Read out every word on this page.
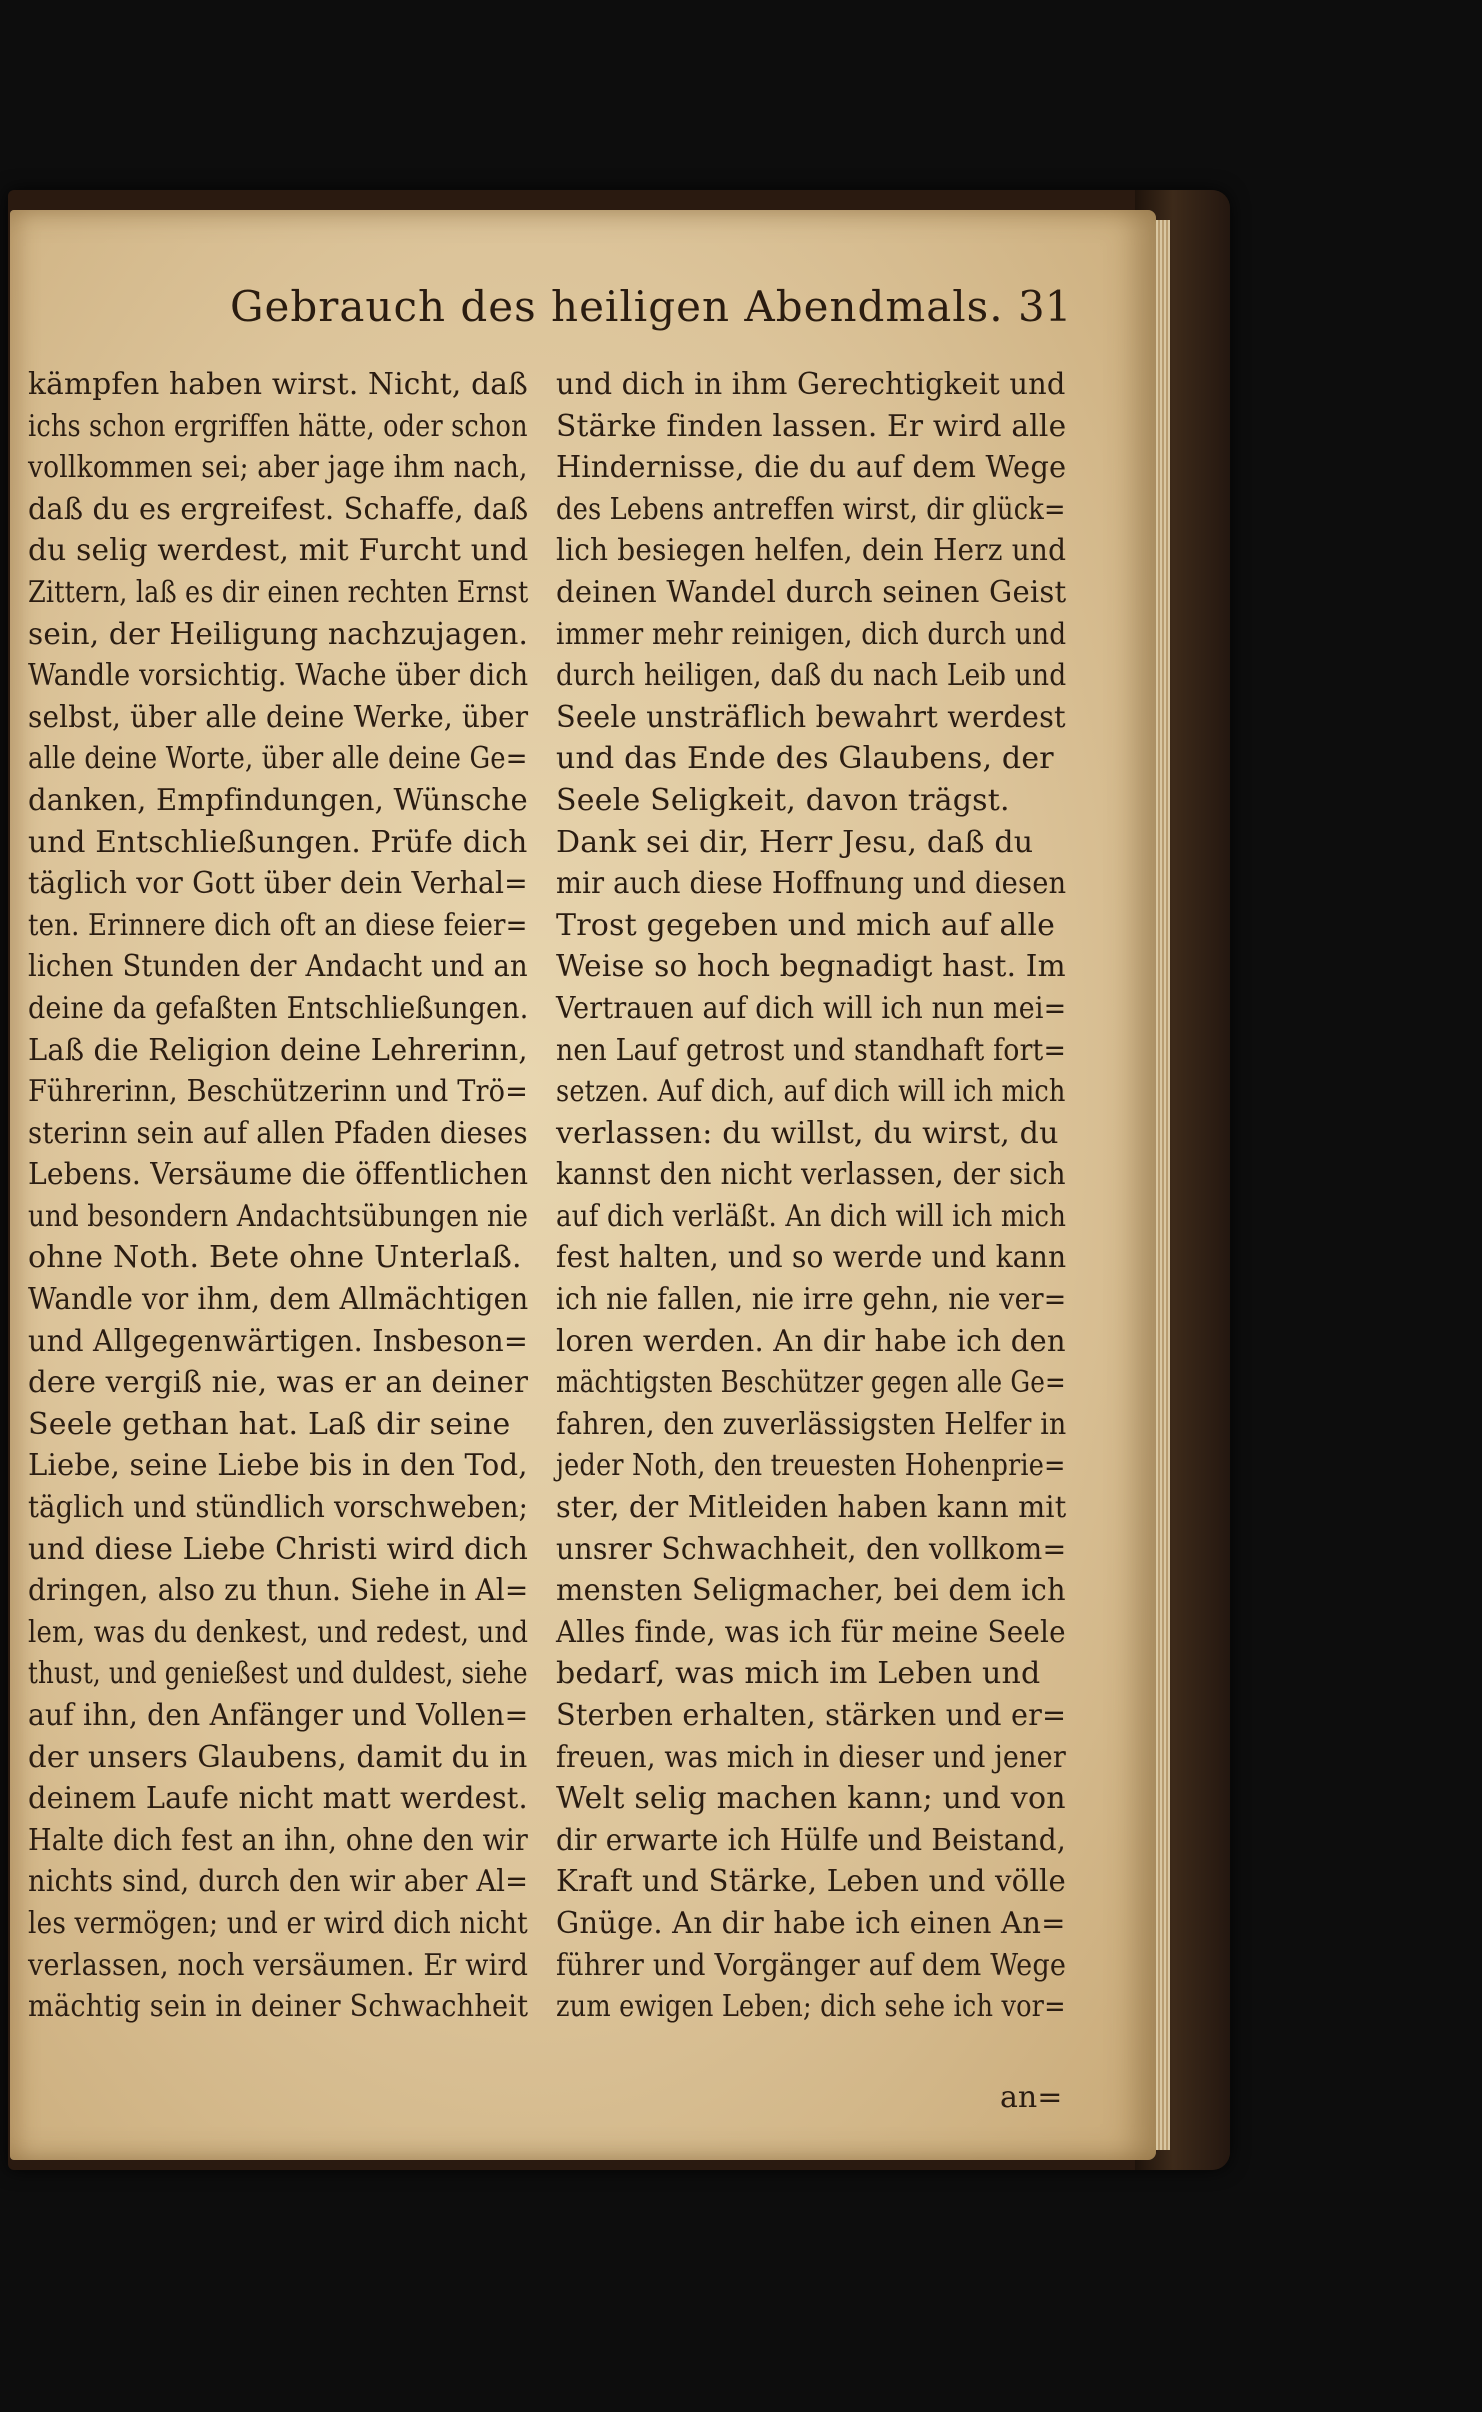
Gebrauch des heiligen Abendmals. 31
kämpfen haben wirst. Nicht, daß
ichs schon ergriffen hätte, oder schon
vollkommen sei; aber jage ihm nach,
daß du es ergreifest. Schaffe, daß
du selig werdest, mit Furcht und
Zittern, laß es dir einen rechten Ernst
sein, der Heiligung nachzujagen.
Wandle vorsichtig. Wache über dich
selbst, über alle deine Werke, über
alle deine Worte, über alle deine Ge=
danken, Empfindungen, Wünsche
und Entschließungen. Prüfe dich
täglich vor Gott über dein Verhal=
ten. Erinnere dich oft an diese feier=
lichen Stunden der Andacht und an
deine da gefaßten Entschließungen.
Laß die Religion deine Lehrerinn,
Führerinn, Beschützerinn und Trö=
sterinn sein auf allen Pfaden dieses
Lebens. Versäume die öffentlichen
und besondern Andachtsübungen nie
ohne Noth. Bete ohne Unterlaß.
Wandle vor ihm, dem Allmächtigen
und Allgegenwärtigen. Insbeson=
dere vergiß nie, was er an deiner
Seele gethan hat. Laß dir seine
Liebe, seine Liebe bis in den Tod,
täglich und stündlich vorschweben;
und diese Liebe Christi wird dich
dringen, also zu thun. Siehe in Al=
lem, was du denkest, und redest, und
thust, und genießest und duldest, siehe
auf ihn, den Anfänger und Vollen=
der unsers Glaubens, damit du in
deinem Laufe nicht matt werdest.
Halte dich fest an ihn, ohne den wir
nichts sind, durch den wir aber Al=
les vermögen; und er wird dich nicht
verlassen, noch versäumen. Er wird
mächtig sein in deiner Schwachheit
und dich in ihm Gerechtigkeit und
Stärke finden lassen. Er wird alle
Hindernisse, die du auf dem Wege
des Lebens antreffen wirst, dir glück=
lich besiegen helfen, dein Herz und
deinen Wandel durch seinen Geist
immer mehr reinigen, dich durch und
durch heiligen, daß du nach Leib und
Seele unsträflich bewahrt werdest
und das Ende des Glaubens, der
Seele Seligkeit, davon trägst.
Dank sei dir, Herr Jesu, daß du
mir auch diese Hoffnung und diesen
Trost gegeben und mich auf alle
Weise so hoch begnadigt hast. Im
Vertrauen auf dich will ich nun mei=
nen Lauf getrost und standhaft fort=
setzen. Auf dich, auf dich will ich mich
verlassen: du willst, du wirst, du
kannst den nicht verlassen, der sich
auf dich verläßt. An dich will ich mich
fest halten, und so werde und kann
ich nie fallen, nie irre gehn, nie ver=
loren werden. An dir habe ich den
mächtigsten Beschützer gegen alle Ge=
fahren, den zuverlässigsten Helfer in
jeder Noth, den treuesten Hohenprie=
ster, der Mitleiden haben kann mit
unsrer Schwachheit, den vollkom=
mensten Seligmacher, bei dem ich
Alles finde, was ich für meine Seele
bedarf, was mich im Leben und
Sterben erhalten, stärken und er=
freuen, was mich in dieser und jener
Welt selig machen kann; und von
dir erwarte ich Hülfe und Beistand,
Kraft und Stärke, Leben und völle
Gnüge. An dir habe ich einen An=
führer und Vorgänger auf dem Wege
zum ewigen Leben; dich sehe ich vor=
an=
